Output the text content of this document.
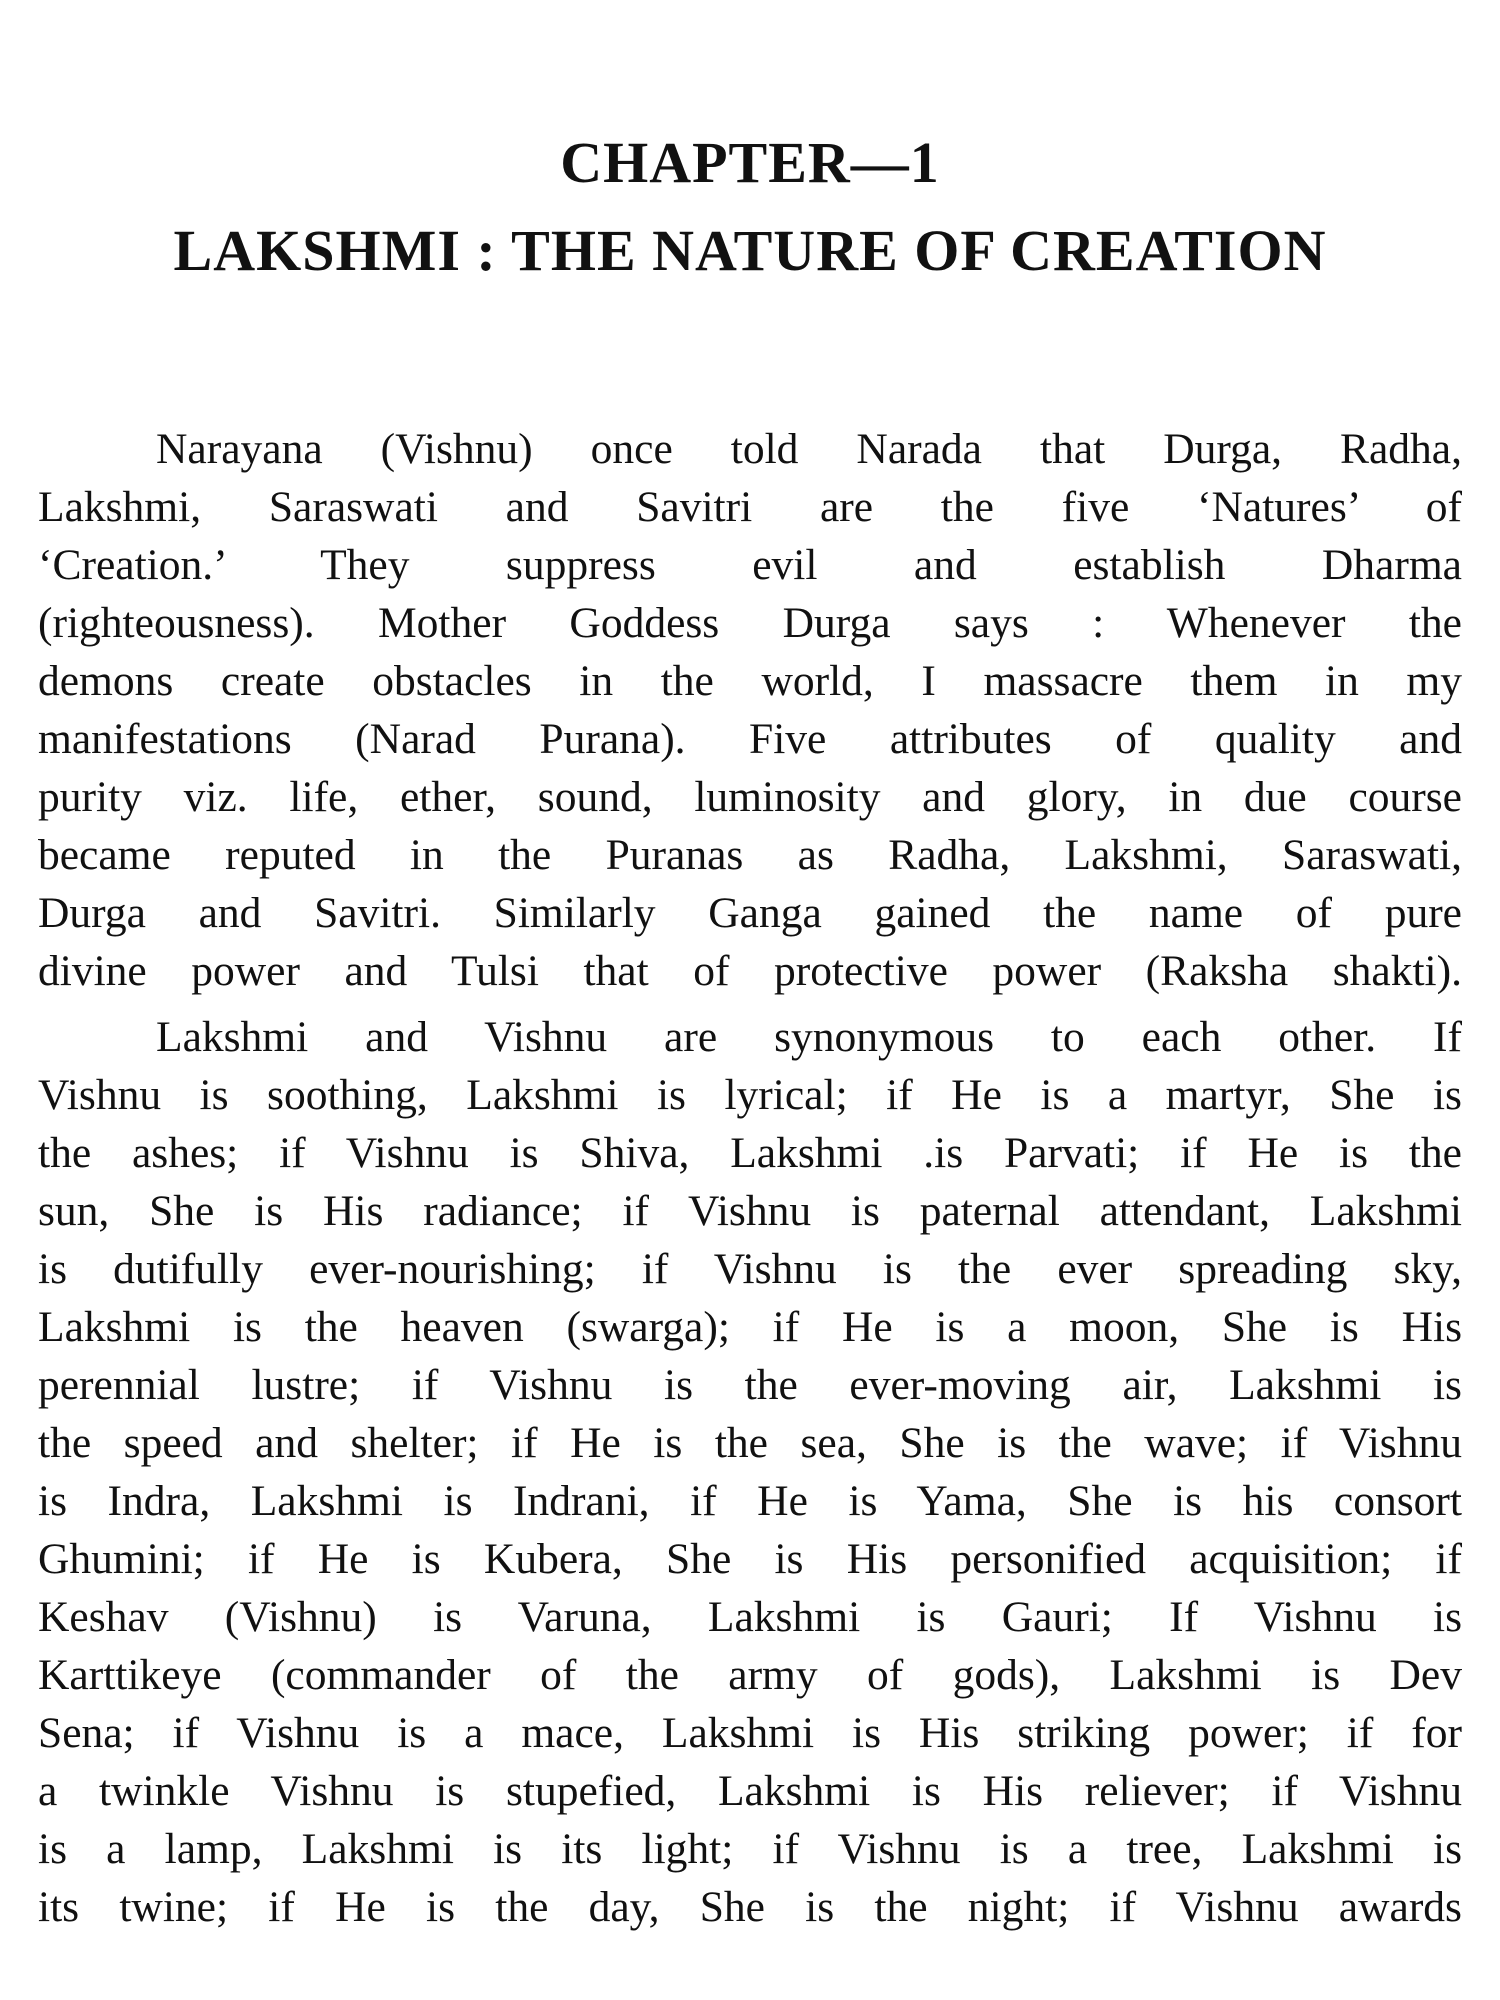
CHAPTER—1
LAKSHMI : THE NATURE OF CREATION
Narayana (Vishnu) once told Narada that Durga, Radha,
Lakshmi, Saraswati and Savitri are the five ‘Natures’ of
‘Creation.’ They suppress evil and establish Dharma
(righteousness). Mother Goddess Durga says : Whenever the
demons create obstacles in the world, I massacre them in my
manifestations (Narad Purana). Five attributes of quality and
purity viz. life, ether, sound, luminosity and glory, in due course
became reputed in the Puranas as Radha, Lakshmi, Saraswati,
Durga and Savitri. Similarly Ganga gained the name of pure
divine power and Tulsi that of protective power (Raksha shakti).
Lakshmi and Vishnu are synonymous to each other. If
Vishnu is soothing, Lakshmi is lyrical; if He is a martyr, She is
the ashes; if Vishnu is Shiva, Lakshmi .is Parvati; if He is the
sun, She is His radiance; if Vishnu is paternal attendant, Lakshmi
is dutifully ever-nourishing; if Vishnu is the ever spreading sky,
Lakshmi is the heaven (swarga); if He is a moon, She is His
perennial lustre; if Vishnu is the ever-moving air, Lakshmi is
the speed and shelter; if He is the sea, She is the wave; if Vishnu
is Indra, Lakshmi is Indrani, if He is Yama, She is his consort
Ghumini; if He is Kubera, She is His personified acquisition; if
Keshav (Vishnu) is Varuna, Lakshmi is Gauri; If Vishnu is
Karttikeye (commander of the army of gods), Lakshmi is Dev
Sena; if Vishnu is a mace, Lakshmi is His striking power; if for
a twinkle Vishnu is stupefied, Lakshmi is His reliever; if Vishnu
is a lamp, Lakshmi is its light; if Vishnu is a tree, Lakshmi is
its twine; if He is the day, She is the night; if Vishnu awards
